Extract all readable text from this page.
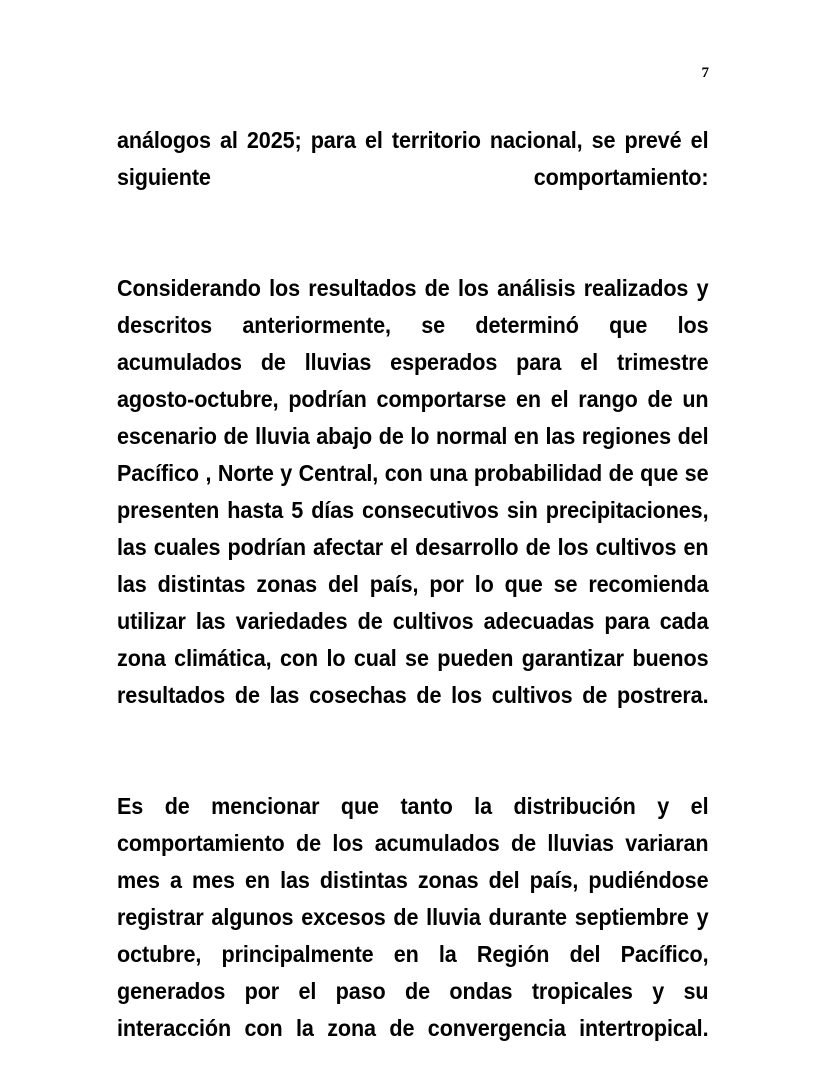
7

análogos al 2025; para el territorio nacional, se prevé el siguiente comportamiento:

Considerando los resultados de los análisis realizados y descritos anteriormente, se determinó que los acumulados de lluvias esperados para el trimestre agosto-octubre, podrían comportarse en el rango de un escenario de lluvia abajo de lo normal en las regiones del Pacífico , Norte y Central, con una probabilidad de que se presenten hasta 5 días consecutivos sin precipitaciones, las cuales podrían afectar el desarrollo de los cultivos en las distintas zonas del país, por lo que se recomienda utilizar las variedades de cultivos adecuadas para cada zona climática, con lo cual se pueden garantizar buenos resultados de las cosechas de los cultivos de postrera.

Es de mencionar que tanto la distribución y el comportamiento de los acumulados de lluvias variaran mes a mes en las distintas zonas del país, pudiéndose registrar algunos excesos de lluvia durante septiembre y octubre, principalmente en la Región del Pacífico, generados por el paso de ondas tropicales y su interacción con la zona de convergencia intertropical.
